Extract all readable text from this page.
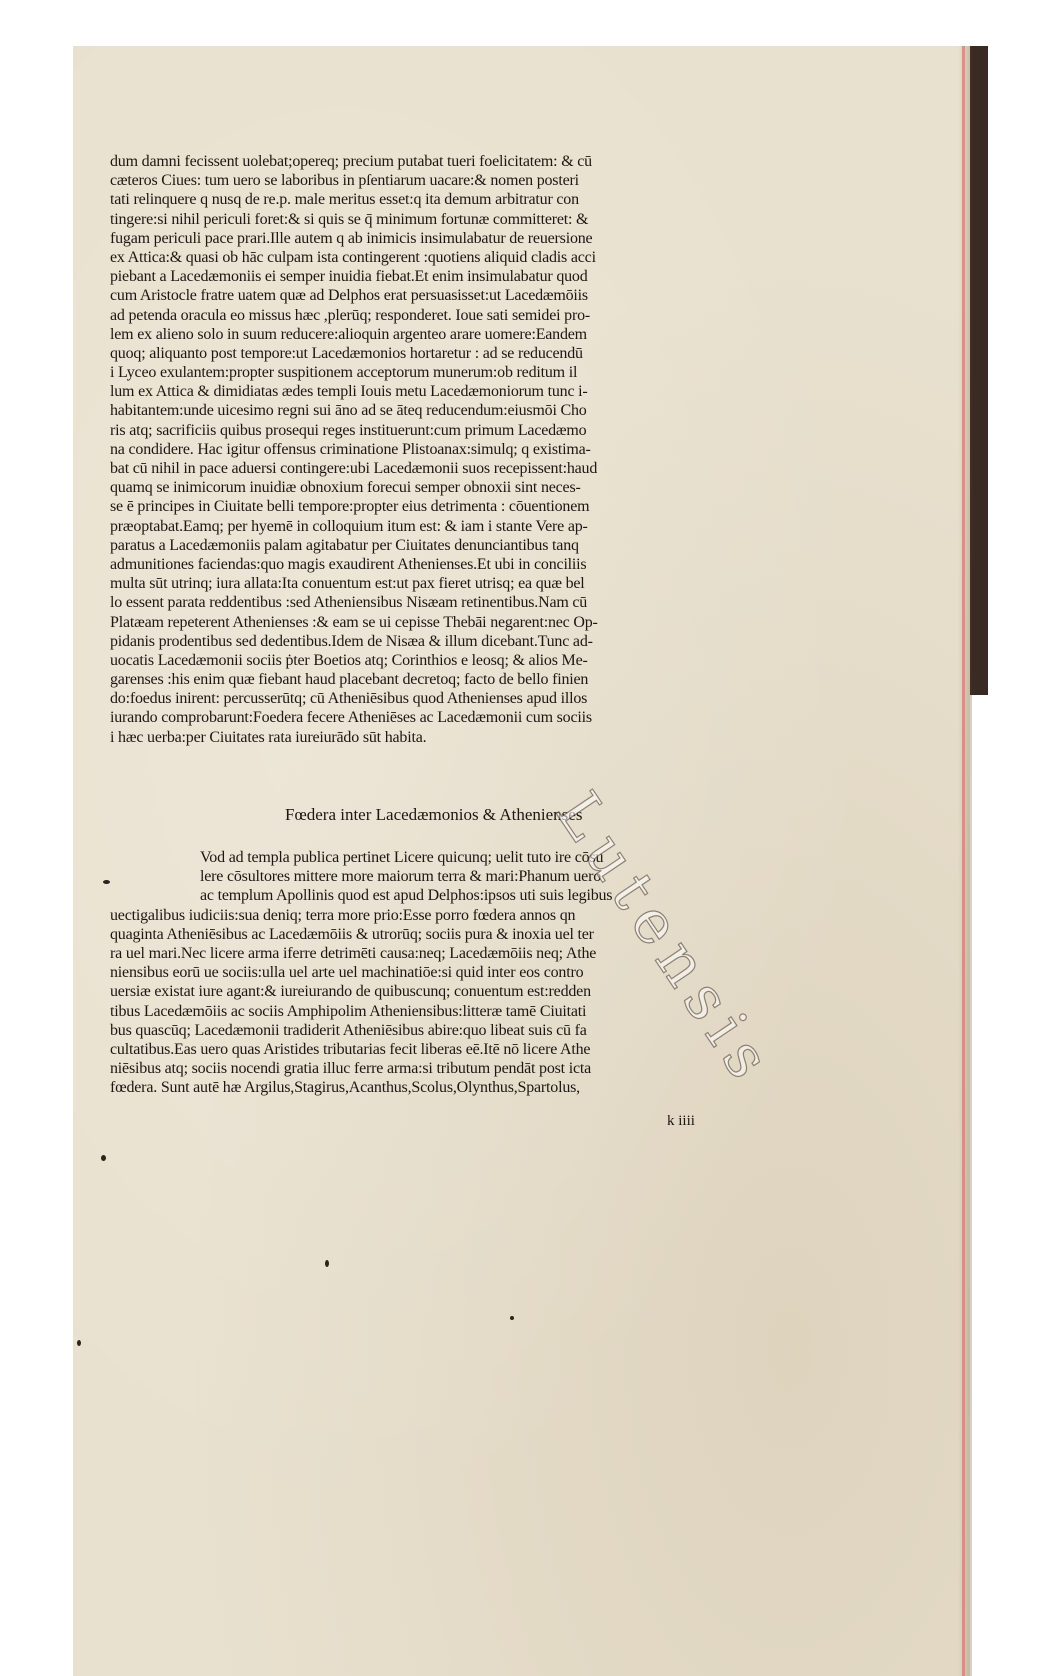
dum damni fecissent uolebat;opereq; precium putabat tueri foelicitatem: & cū
cæteros Ciues: tum uero se laboribus in pſentiarum uacare:& nomen posteri
tati relinquere q nusq de re.p. male meritus esset:q ita demum arbitratur con
tingere:si nihil periculi foret:& si quis se q̄ minimum fortunæ committeret: &
fugam periculi pace prari.Ille autem q ab inimicis insimulabatur de reuersione
ex Attica:& quasi ob hāc culpam ista contingerent :quotiens aliquid cladis acci
piebant a Lacedæmoniis ei semper inuidia fiebat.Et enim insimulabatur quod
cum Aristocle fratre uatem quæ ad Delphos erat persuasisset:ut Lacedæmōiis
ad petenda oracula eo missus hæc ,plerūq; responderet. Ioue sati semidei pro-
lem ex alieno solo in suum reducere:alioquin argenteo arare uomere:Eandem
quoq; aliquanto post tempore:ut Lacedæmonios hortaretur : ad se reducendū
i Lyceo exulantem:propter suspitionem acceptorum munerum:ob reditum il
lum ex Attica & dimidiatas ædes templi Iouis metu Lacedæmoniorum tunc i-
habitantem:unde uicesimo regni sui āno ad se āteq reducendum:eiusmōi Cho
ris atq; sacrificiis quibus prosequi reges instituerunt:cum primum Lacedæmo
na condidere. Hac igitur offensus criminatione Plistoanax:simulq; q existima-
bat cū nihil in pace aduersi contingere:ubi Lacedæmonii suos recepissent:haud
quamq se inimicorum inuidiæ obnoxium forecui semper obnoxii sint neces-
se ē principes in Ciuitate belli tempore:propter eius detrimenta : cōuentionem
præoptabat.Eamq; per hyemē in colloquium itum est: & iam i stante Vere ap-
paratus a Lacedæmoniis palam agitabatur per Ciuitates denunciantibus tanq
admunitiones faciendas:quo magis exaudirent Athenienses.Et ubi in conciliis
multa sūt utrinq; iura allata:Ita conuentum est:ut pax fieret utrisq; ea quæ bel
lo essent parata reddentibus :sed Atheniensibus Nisæam retinentibus.Nam cū
Platæam repeterent Athenienses :& eam se ui cepisse Thebāi negarent:nec Op-
pidanis prodentibus sed dedentibus.Idem de Nisæa & illum dicebant.Tunc ad-
uocatis Lacedæmonii sociis ṗter Boetios atq; Corinthios e leosq; & alios Me-
garenses :his enim quæ fiebant haud placebant decretoq; facto de bello finien
do:foedus inirent: percusserūtq; cū Atheniēsibus quod Athenienses apud illos
iurando comprobarunt:Foedera fecere Atheniēses ac Lacedæmonii cum sociis
i hæc uerba:per Ciuitates rata iureiurādo sūt habita.
Fœdera inter Lacedæmonios & Athenienses
Vod ad templa publica pertinet Licere quicunq; uelit tuto ire cōsu
lere cōsultores mittere more maiorum terra & mari:Phanum uero
ac templum Apollinis quod est apud Delphos:ipsos uti suis legibus
uectigalibus iudiciis:sua deniq; terra more prio:Esse porro fœdera annos qn
quaginta Atheniēsibus ac Lacedæmōiis & utrorūq; sociis pura & inoxia uel ter
ra uel mari.Nec licere arma iferre detrimēti causa:neq; Lacedæmōiis neq; Athe
niensibus eorū ue sociis:ulla uel arte uel machinatiōe:si quid inter eos contro
uersiæ existat iure agant:& iureiurando de quibuscunq; conuentum est:redden
tibus Lacedæmōiis ac sociis Amphipolim Atheniensibus:litteræ tamē Ciuitati
bus quascūq; Lacedæmonii tradiderit Atheniēsibus abire:quo libeat suis cū fa
cultatibus.Eas uero quas Aristides tributarias fecit liberas eē.Itē nō licere Athe
niēsibus atq; sociis nocendi gratia illuc ferre arma:si tributum pendāt post icta
fœdera. Sunt autē hæ Argilus,Stagirus,Acanthus,Scolus,Olynthus,Spartolus,
k iiii
Lutensis
